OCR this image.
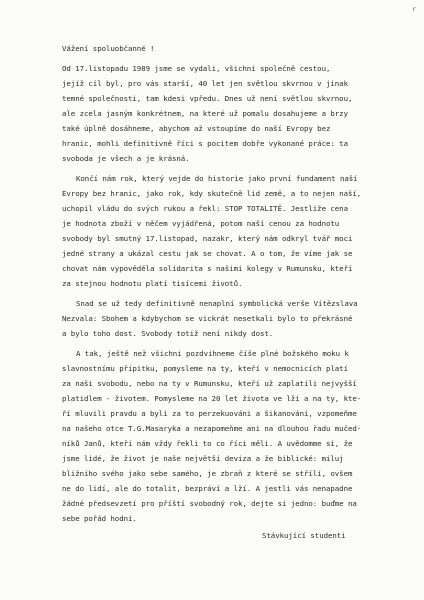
r
Vážení spoluobčanné !
Od 17.listopadu 1989 jsme se vydali, všichni společně cestou,
jejíž cíl byl, pro vás starší, 40 let jen světlou skvrnou v jinak
temné společnosti, tam kdesi vpředu. Dnes už není světlou skvrnou,
ale zcela jasným konkrétnem, na které už pomalu dosahujeme a brzy
také úplně dosáhneme, abychom až vstoupíme do naší Evropy bez
hranic, mohli definitivně říci s pocitem dobře vykonané práce: ta
svoboda je všech a je krásná.
Končí nám rok, který vejde do historie jako první fundament naší
Evropy bez hranic, jako rok, kdy skutečně lid země, a to nejen naší,
uchopil vládu do svých rukou a řekl: STOP TOTALITĚ. Jestliže cena
je hodnota zboží v něčem vyjádřená, potom naší cenou za hodnotu
svobody byl smutný 17.listopad, nazakr, který nám odkryl tvář moci
jedné strany a ukázal cestu jak se chovat. A o tom, že víme jak se
chovat nám vypověděla solidarita s našimi kolegy v Rumunsku, kteří
za stejnou hodnotu platí tisícemi životů.
Snad se už tedy definitivně nenaplní symbolická verše Vítězslava
Nezvala: Sbohem a kdybychom se vickrát nesetkali bylo to překrásné
a bylo toho dost. Svobody totiž není nikdy dost.
A tak, ještě než všichni pozdvihneme číše plné božského moku k
slavnostnímu přípitku, pomysleme na ty, kteří v nemocnicích platí
za naši svobodu, nebo na ty v Rumunsku, kteří už zaplatili nejvyšší
platidlem - životem. Pomysleme na 20 let života ve lži a na ty, kte-
ří mluvili pravdu a byli za to perzekuováni a šikanováni, vzpomeňme
na našeho otce T.G.Masaryka a nezapomeňme ani na dlouhou řadu mučed-
níků Janů, kteří nám vždy řekli to co říci měli. A uvědomme si, že
jsme lidé, že život je naše největší deviza a že biblické: miluj
bližního svého jako sebe samého, je zbraň z které se střílí, ovšem
ne do lidí, ale do totalit, bezpráví a lží. A jestli vás nenapadne
žádné předsevzetí pro příští svobodný rok, dejte si jedno: buďme na
sebe pořád hodní.
Stávkující studenti
